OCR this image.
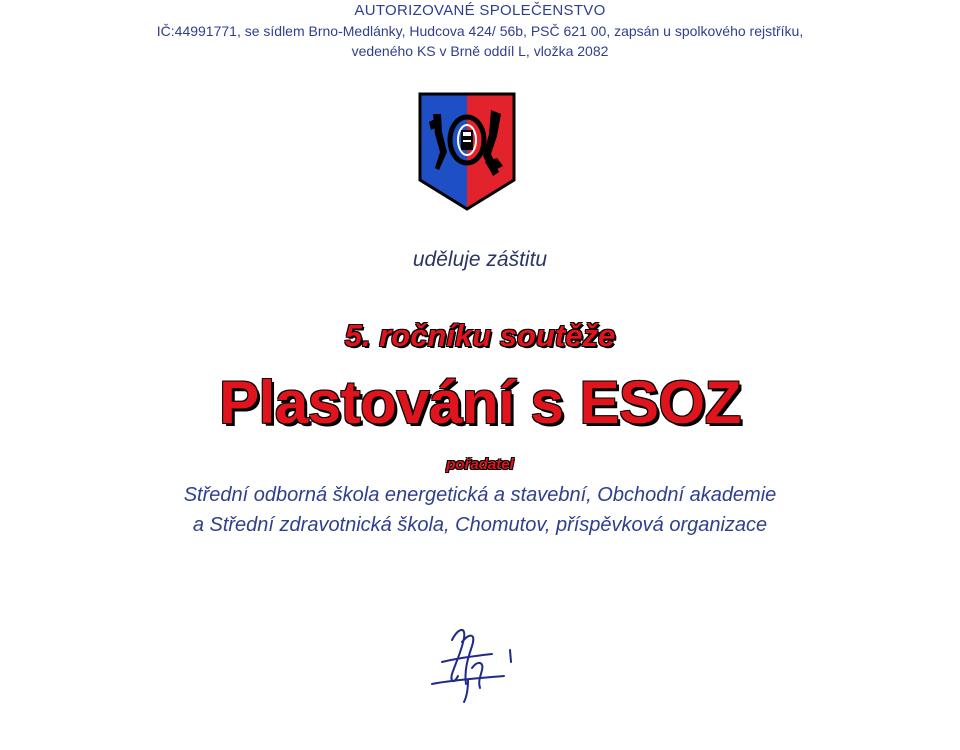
AUTORIZOVANÉ SPOLEČENSTVO
IČ:44991771, se sídlem Brno-Medlánky, Hudcova 424/ 56b, PSČ 621 00, zapsán u spolkového rejstříku,
vedeného KS v Brně oddíl L, vložka 2082
uděluje záštitu
5. ročníku soutěže
Plastování s ESOZ
pořadatel
Střední odborná škola energetická a stavební, Obchodní akademie
a Střední zdravotnická škola, Chomutov, příspěvková organizace
